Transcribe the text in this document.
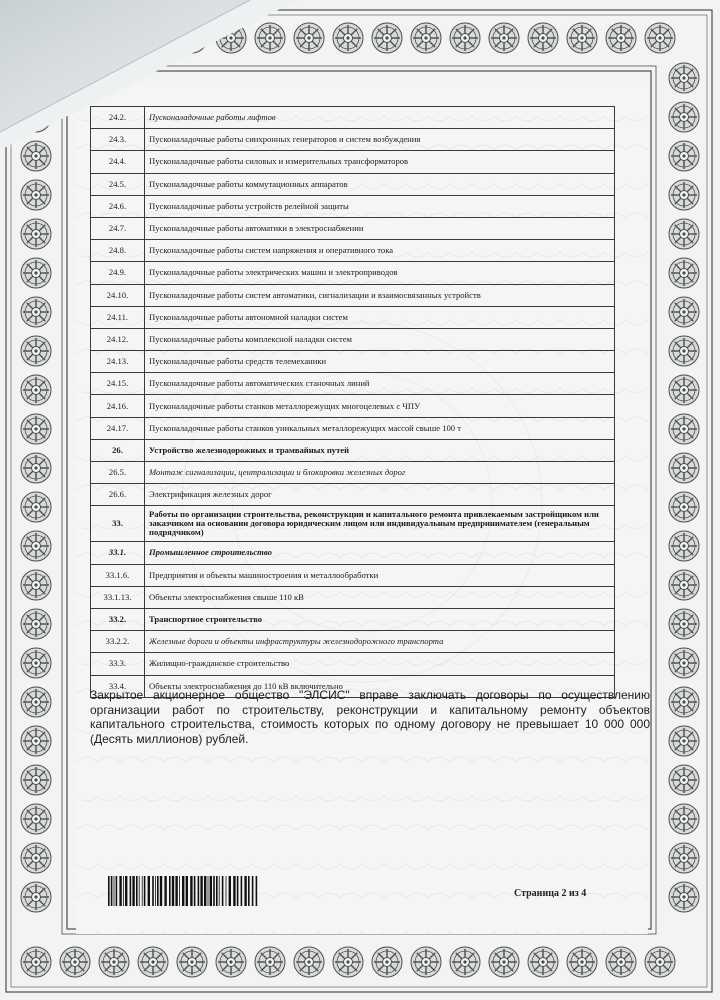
24.2.	Пусконаладочные работы лифтов
24.3.	Пусконаладочные работы синхронных генераторов и систем возбуждения
24.4.	Пусконаладочные работы силовых и измерительных трансформаторов
24.5.	Пусконаладочные работы коммутационных аппаратов
24.6.	Пусконаладочные работы устройств релейной защиты
24.7.	Пусконаладочные работы автоматики в электроснабжении
24.8.	Пусконаладочные работы систем напряжения и оперативного тока
24.9.	Пусконаладочные работы электрических машин и электроприводов
24.10.	Пусконаладочные работы систем автоматики, сигнализации и взаимосвязанных устройств
24.11.	Пусконаладочные работы автономной наладки систем
24.12.	Пусконаладочные работы комплексной наладки систем
24.13.	Пусконаладочные работы средств телемеханики
24.15.	Пусконаладочные работы автоматических станочных линий
24.16.	Пусконаладочные работы станков металлорежущих многоцелевых с ЧПУ
24.17.	Пусконаладочные работы станков уникальных металлорежущих массой свыше 100 т
26.	Устройство железнодорожных и трамвайных путей
26.5.	Монтаж сигнализации, централизации и блокировки железных дорог
26.6.	Электрификация железных дорог
33.	Работы по организации строительства, реконструкции и капитального ремонта привлекаемым застройщиком или заказчиком на основании договора юридическим лицом или индивидуальным предпринимателем (генеральным подрядчиком)
33.1.	Промышленное строительство
33.1.6.	Предприятия и объекты машиностроения и металлообработки
33.1.13.	Объекты электроснабжения свыше 110 кВ
33.2.	Транспортное строительство
33.2.2.	Железные дороги и объекты инфраструктуры железнодорожного транспорта
33.3.	Жилищно-гражданское строительство
33.4.	Объекты электроснабжения до 110 кВ включительно
Закрытое акционерное общество "ЭЛСИС" вправе заключать договоры по осуществлению организации работ по строительству, реконструкции и капитальному ремонту объектов капитального строительства, стоимость которых по одному договору не превышает 10 000 000 (Десять миллионов) рублей.
Страница 2 из 4
